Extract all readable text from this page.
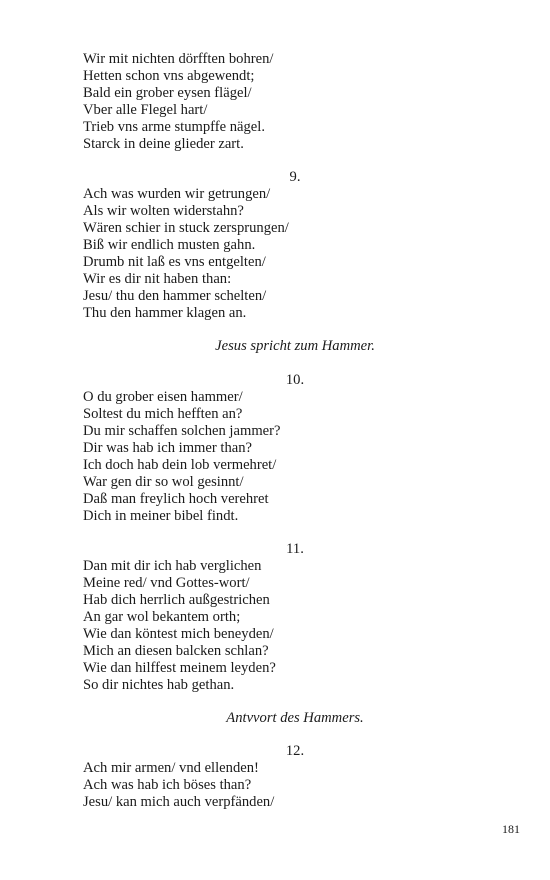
Wir mit nichten dörfften bohren/
Hetten schon vns abgewendt;
Bald ein grober eysen flägel/
Vber alle Flegel hart/
Trieb vns arme stumpffe nägel.
Starck in deine glieder zart.
9.
Ach was wurden wir getrungen/
Als wir wolten widerstahn?
Wären schier in stuck zersprungen/
Biß wir endlich musten gahn.
Drumb nit laß es vns entgelten/
Wir es dir nit haben than:
Jesu/ thu den hammer schelten/
Thu den hammer klagen an.
Jesus spricht zum Hammer.
10.
O du grober eisen hammer/
Soltest du mich hefften an?
Du mir schaffen solchen jammer?
Dir was hab ich immer than?
Ich doch hab dein lob vermehret/
War gen dir so wol gesinnt/
Daß man freylich hoch verehret
Dich in meiner bibel findt.
11.
Dan mit dir ich hab verglichen
Meine red/ vnd Gottes-wort/
Hab dich herrlich außgestrichen
An gar wol bekantem orth;
Wie dan köntest mich beneyden/
Mich an diesen balcken schlan?
Wie dan hilffest meinem leyden?
So dir nichtes hab gethan.
Antvvort des Hammers.
12.
Ach mir armen/ vnd ellenden!
Ach was hab ich böses than?
Jesu/ kan mich auch verpfänden/
181
